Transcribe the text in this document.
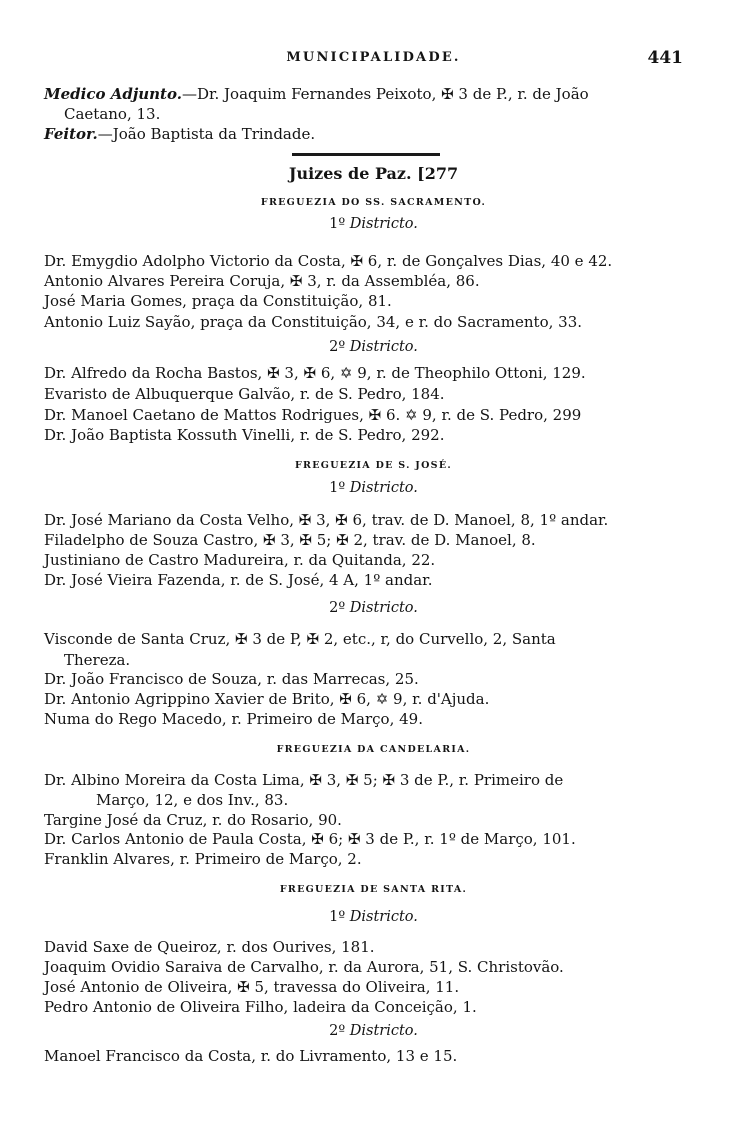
MUNICIPALIDADE.	441
Medico Adjunto.—Dr. Joaquim Fernandes Peixoto, ✠ 3 de P., r. de João
Caetano, 13.
Feitor.—João Baptista da Trindade.
Juizes de Paz. [277
FREGUEZIA DO SS. SACRAMENTO.
1º Districto.
Dr. Emygdio Adolpho Victorio da Costa, ✠ 6, r. de Gonçalves Dias, 40 e 42.
Antonio Alvares Pereira Coruja, ✠ 3, r. da Assembléa, 86.
José Maria Gomes, praça da Constituição, 81.
Antonio Luiz Sayão, praça da Constituição, 34, e r. do Sacramento, 33.
2º Districto.
Dr. Alfredo da Rocha Bastos, ✠ 3, ✠ 6, ✡ 9, r. de Theophilo Ottoni, 129.
Evaristo de Albuquerque Galvão, r. de S. Pedro, 184.
Dr. Manoel Caetano de Mattos Rodrigues, ✠ 6. ✡ 9, r. de S. Pedro, 299
Dr. João Baptista Kossuth Vinelli, r. de S. Pedro, 292.
FREGUEZIA DE S. JOSÉ.
1º Districto.
Dr. José Mariano da Costa Velho, ✠ 3, ✠ 6, trav. de D. Manoel, 8, 1º andar.
Filadelpho de Souza Castro, ✠ 3, ✠ 5; ✠ 2, trav. de D. Manoel, 8.
Justiniano de Castro Madureira, r. da Quitanda, 22.
Dr. José Vieira Fazenda, r. de S. José, 4 A, 1º andar.
2º Districto.
Visconde de Santa Cruz, ✠ 3 de P, ✠ 2, etc., r, do Curvello, 2, Santa
Thereza.
Dr. João Francisco de Souza, r. das Marrecas, 25.
Dr. Antonio Agrippino Xavier de Brito, ✠ 6, ✡ 9, r. d'Ajuda.
Numa do Rego Macedo, r. Primeiro de Março, 49.
FREGUEZIA DA CANDELARIA.
Dr. Albino Moreira da Costa Lima, ✠ 3, ✠ 5; ✠ 3 de P., r. Primeiro de
Março, 12, e dos Inv., 83.
Targine José da Cruz, r. do Rosario, 90.
Dr. Carlos Antonio de Paula Costa, ✠ 6; ✠ 3 de P., r. 1º de Março, 101.
Franklin Alvares, r. Primeiro de Março, 2.
FREGUEZIA DE SANTA RITA.
1º Districto.
David Saxe de Queiroz, r. dos Ourives, 181.
Joaquim Ovidio Saraiva de Carvalho, r. da Aurora, 51, S. Christovão.
José Antonio de Oliveira, ✠ 5, travessa do Oliveira, 11.
Pedro Antonio de Oliveira Filho, ladeira da Conceição, 1.
2º Districto.
Manoel Francisco da Costa, r. do Livramento, 13 e 15.
